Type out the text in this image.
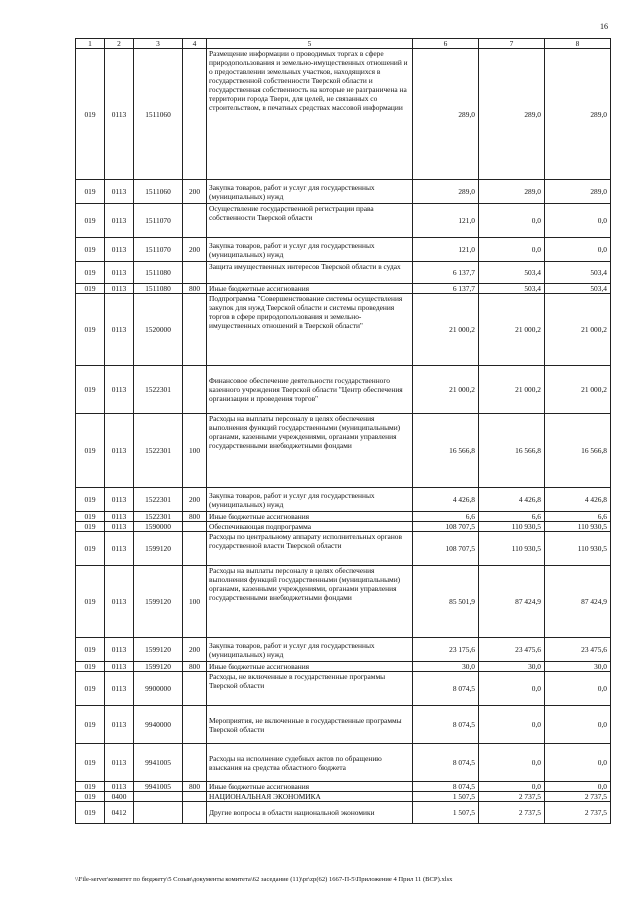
16
1	2	3	4	5	6	7	8
019	0113	1511060		Размещение информации о проводимых торгах в сфере природопользования и земельно-имущественных отношений и о предоставлении земельных участков, находящихся в государственной собственности Тверской области и государственная собственность на которые не разграничена на территории города Твери, для целей, не связанных со строительством, в печатных средствах массовой информации	289,0	289,0	289,0
019	0113	1511060	200	Закупка товаров, работ и услуг для государственных (муниципальных) нужд	289,0	289,0	289,0
019	0113	1511070		Осуществление государственной регистрации права собственности Тверской области	121,0	0,0	0,0
019	0113	1511070	200	Закупка товаров, работ и услуг для государственных (муниципальных) нужд	121,0	0,0	0,0
019	0113	1511080		Защита имущественных интересов Тверской области в судах	6 137,7	503,4	503,4
019	0113	1511080	800	Иные бюджетные ассигнования	6 137,7	503,4	503,4
019	0113	1520000		Подпрограмма "Совершенствование системы осуществления закупок для нужд Тверской области и системы проведения торгов в сфере природопользования и земельно-имущественных отношений в Тверской области"	21 000,2	21 000,2	21 000,2
019	0113	1522301		Финансовое обеспечение деятельности государственного казенного учреждения Тверской области "Центр обеспечения организации и проведения торгов"	21 000,2	21 000,2	21 000,2
019	0113	1522301	100	Расходы на выплаты персоналу в целях обеспечения выполнения функций государственными (муниципальными) органами, казенными учреждениями, органами управления государственными внебюджетными фондами	16 566,8	16 566,8	16 566,8
019	0113	1522301	200	Закупка товаров, работ и услуг для государственных (муниципальных) нужд	4 426,8	4 426,8	4 426,8
019	0113	1522301	800	Иные бюджетные ассигнования	6,6	6,6	6,6
019	0113	1590000		Обеспечивающая подпрограмма	108 707,5	110 930,5	110 930,5
019	0113	1599120		Расходы по центральному аппарату исполнительных органов государственной власти Тверской области	108 707,5	110 930,5	110 930,5
019	0113	1599120	100	Расходы на выплаты персоналу в целях обеспечения выполнения функций государственными (муниципальными) органами, казенными учреждениями, органами управления государственными внебюджетными фондами	85 501,9	87 424,9	87 424,9
019	0113	1599120	200	Закупка товаров, работ и услуг для государственных (муниципальных) нужд	23 175,6	23 475,6	23 475,6
019	0113	1599120	800	Иные бюджетные ассигнования	30,0	30,0	30,0
019	0113	9900000		Расходы, не включенные в государственные программы Тверской области	8 074,5	0,0	0,0
019	0113	9940000		Мероприятия, не включенные в государственные программы Тверской области	8 074,5	0,0	0,0
019	0113	9941005		Расходы на исполнение судебных актов по обращению взыскания на средства областного бюджета	8 074,5	0,0	0,0
019	0113	9941005	800	Иные бюджетные ассигнования	8 074,5	0,0	0,0
019	0400			НАЦИОНАЛЬНАЯ ЭКОНОМИКА	1 507,5	2 737,5	2 737,5
019	0412			Другие вопросы в области национальной экономики	1 507,5	2 737,5	2 737,5
\\File-server\комитет по бюджету\5 Созыв\документы комитета\62 заседание (11)\pr\zp(62) 1667-П-5\Приложение 4 Прил 11 (ВСР).xlsx
